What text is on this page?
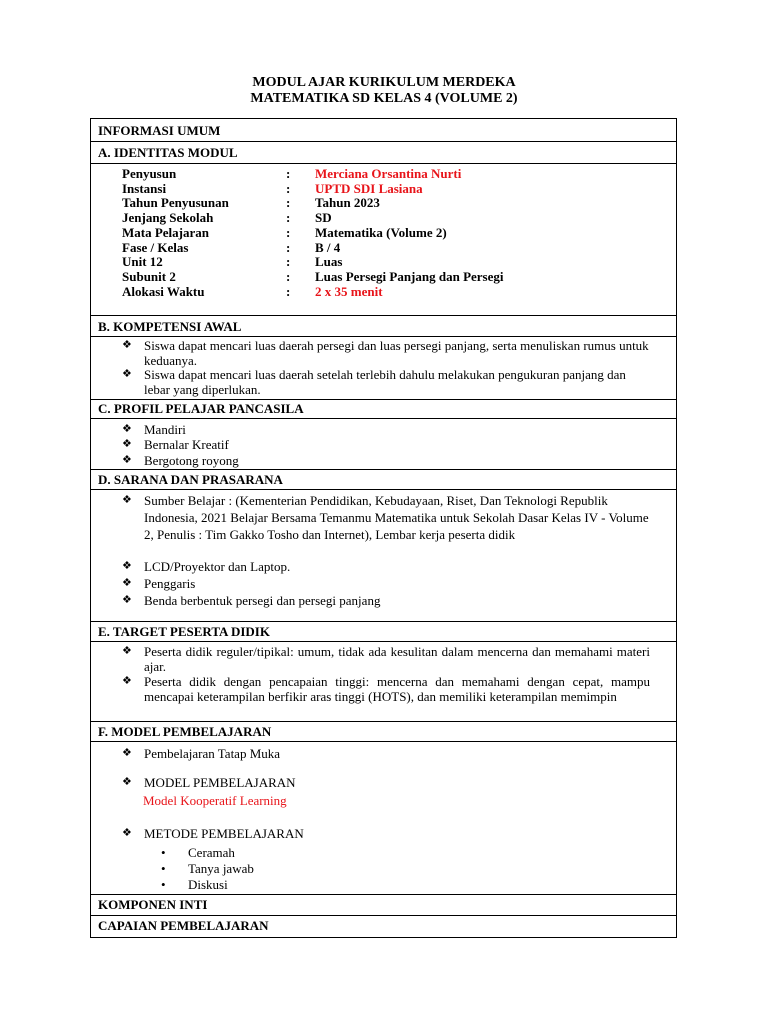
MODUL AJAR KURIKULUM MERDEKA
MATEMATIKA SD KELAS 4 (VOLUME 2)
INFORMASI UMUM
A. IDENTITAS MODUL
Penyusun	: Merciana Orsantina Nurti
Instansi	: UPTD SDI Lasiana
Tahun Penyusunan	: Tahun 2023
Jenjang Sekolah	: SD
Mata Pelajaran	: Matematika (Volume 2)
Fase / Kelas	: B / 4
Unit 12	: Luas
Subunit 2	: Luas Persegi Panjang dan Persegi
Alokasi Waktu	: 2 x 35 menit
B. KOMPETENSI AWAL
❖ Siswa dapat mencari luas daerah persegi dan luas persegi panjang, serta menuliskan rumus untuk keduanya.
❖ Siswa dapat mencari luas daerah setelah terlebih dahulu melakukan pengukuran panjang dan lebar yang diperlukan.
C. PROFIL PELAJAR PANCASILA
❖ Mandiri
❖ Bernalar Kreatif
❖ Bergotong royong
D. SARANA DAN PRASARANA
❖ Sumber Belajar : (Kementerian Pendidikan, Kebudayaan, Riset, Dan Teknologi Republik Indonesia, 2021 Belajar Bersama Temanmu Matematika untuk Sekolah Dasar Kelas IV - Volume 2, Penulis : Tim Gakko Tosho dan Internet), Lembar kerja peserta didik
❖ LCD/Proyektor dan Laptop.
❖ Penggaris
❖ Benda berbentuk persegi dan persegi panjang
E. TARGET PESERTA DIDIK
❖ Peserta didik reguler/tipikal: umum, tidak ada kesulitan dalam mencerna dan memahami materi ajar.
❖ Peserta didik dengan pencapaian tinggi: mencerna dan memahami dengan cepat, mampu mencapai keterampilan berfikir aras tinggi (HOTS), dan memiliki keterampilan memimpin
F. MODEL PEMBELAJARAN
❖ Pembelajaran Tatap Muka
❖ MODEL PEMBELAJARAN
Model Kooperatif Learning
❖ METODE PEMBELAJARAN
• Ceramah
• Tanya jawab
• Diskusi
KOMPONEN INTI
CAPAIAN PEMBELAJARAN
